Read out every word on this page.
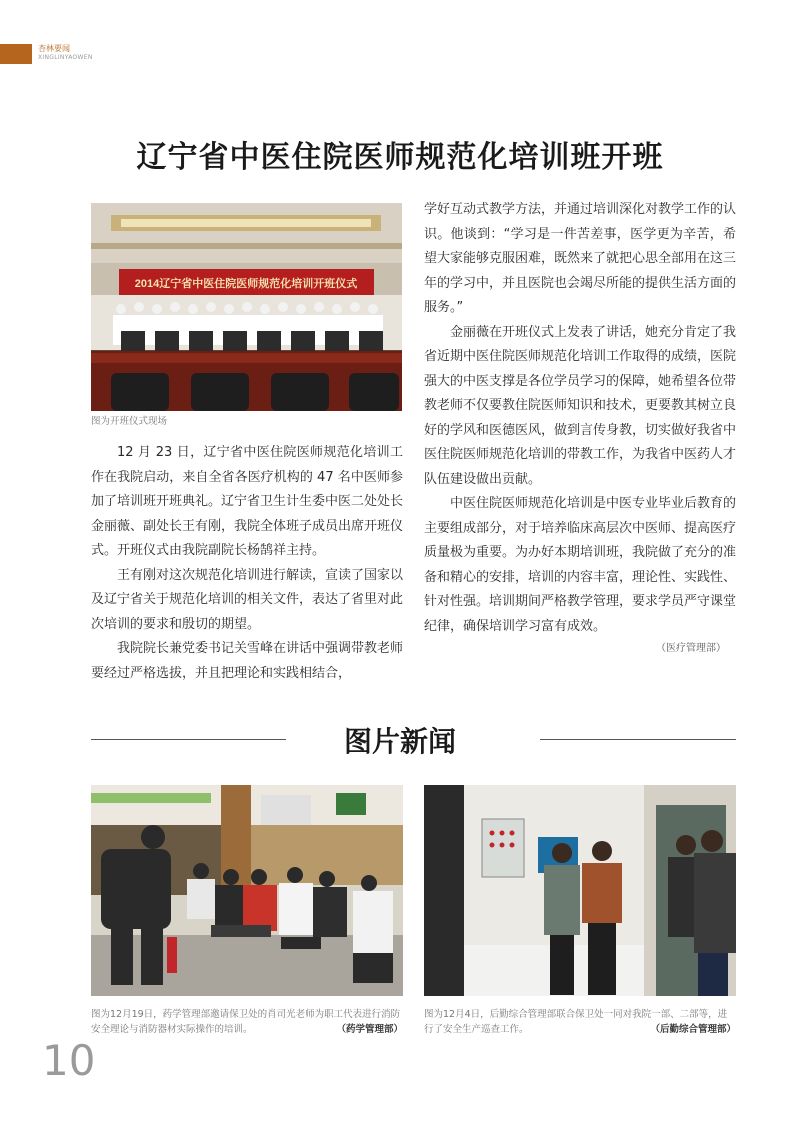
杏林要闻
XINGLINYAOWEN
辽宁省中医住院医师规范化培训班开班
2014辽宁省中医住院医师规范化培训开班仪式
图为开班仪式现场

12 月 23 日，辽宁省中医住院医师规范化培训工作在我院启动，来自全省各医疗机构的 47 名中医师参加了培训班开班典礼。辽宁省卫生计生委中医二处处长金丽薇、副处长王有刚，我院全体班子成员出席开班仪式。开班仪式由我院副院长杨鹄祥主持。

王有刚对这次规范化培训进行解读，宣读了国家以及辽宁省关于规范化培训的相关文件，表达了省里对此次培训的要求和殷切的期望。

我院院长兼党委书记关雪峰在讲话中强调带教老师要经过严格选拔，并且把理论和实践相结合，

学好互动式教学方法，并通过培训深化对教学工作的认识。他谈到：“学习是一件苦差事，医学更为辛苦，希望大家能够克服困难，既然来了就把心思全部用在这三年的学习中，并且医院也会竭尽所能的提供生活方面的服务。”

金丽薇在开班仪式上发表了讲话，她充分肯定了我省近期中医住院医师规范化培训工作取得的成绩，医院强大的中医支撑是各位学员学习的保障，她希望各位带教老师不仅要教住院医师知识和技术，更要教其树立良好的学风和医德医风，做到言传身教，切实做好我省中医住院医师规范化培训的带教工作，为我省中医药人才队伍建设做出贡献。

中医住院医师规范化培训是中医专业毕业后教育的主要组成部分，对于培养临床高层次中医师、提高医疗质量极为重要。为办好本期培训班，我院做了充分的准备和精心的安排，培训的内容丰富，理论性、实践性、针对性强。培训期间严格教学管理，要求学员严守课堂纪律，确保培训学习富有成效。

（医疗管理部）

图片新闻
图为12月19日，药学管理部邀请保卫处的肖司光老师为职工代表进行消防安全理论与消防器材实际操作的培训。	（药学管理部）
图为12月4日，后勤综合管理部联合保卫处一同对我院一部、二部等，进行了安全生产巡查工作。	（后勤综合管理部）
10
